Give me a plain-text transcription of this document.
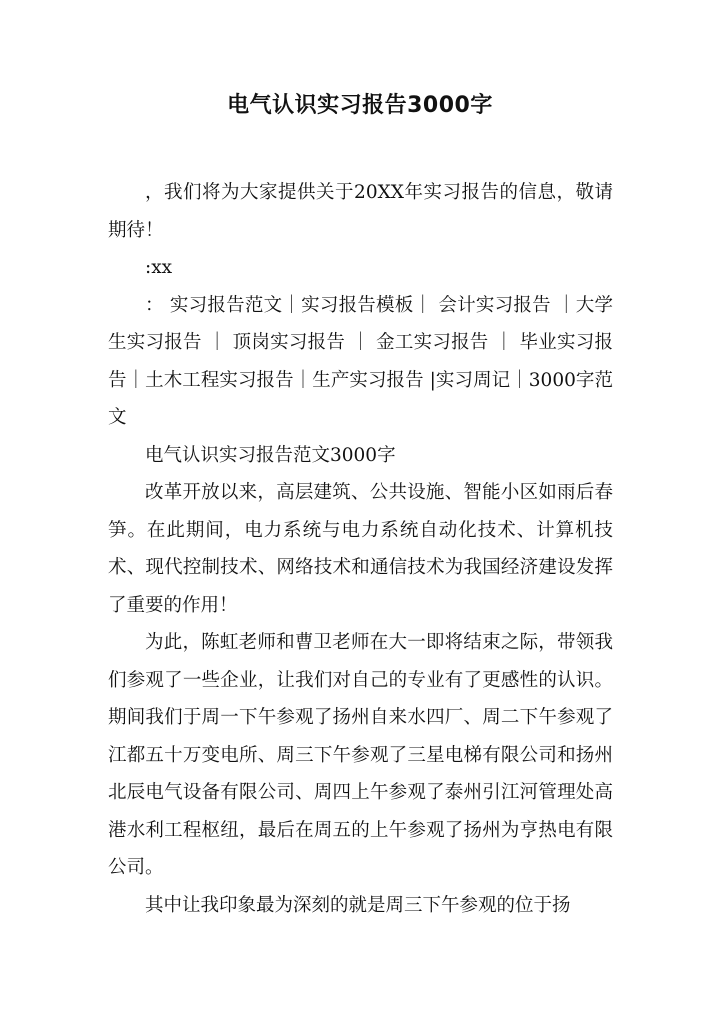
电气认识实习报告3000字

，我们将为大家提供关于20XX年实习报告的信息，敬请期待！

:xx

： 实习报告范文｜实习报告模板｜ 会计实习报告 ｜大学生实习报告 ｜ 顶岗实习报告 ｜ 金工实习报告 ｜ 毕业实习报告｜土木工程实习报告｜生产实习报告 |实习周记｜3000字范文

电气认识实习报告范文3000字

改革开放以来，高层建筑、公共设施、智能小区如雨后春笋。在此期间，电力系统与电力系统自动化技术、计算机技术、现代控制技术、网络技术和通信技术为我国经济建设发挥了重要的作用！

为此，陈虹老师和曹卫老师在大一即将结束之际，带领我们参观了一些企业，让我们对自己的专业有了更感性的认识。期间我们于周一下午参观了扬州自来水四厂、周二下午参观了江都五十万变电所、周三下午参观了三星电梯有限公司和扬州北辰电气设备有限公司、周四上午参观了泰州引江河管理处高港水利工程枢纽，最后在周五的上午参观了扬州为亨热电有限公司。

其中让我印象最为深刻的就是周三下午参观的位于扬
